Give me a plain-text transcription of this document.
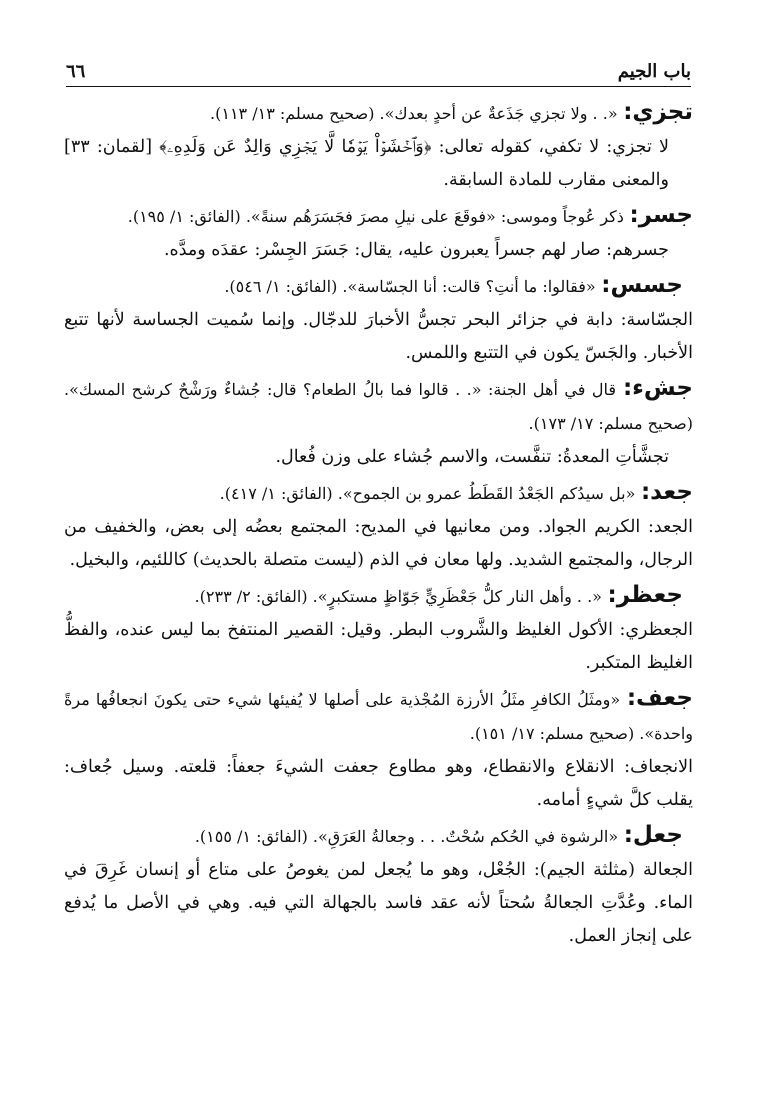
باب الجيم
٦٦

تجزي: «. . ولا تجزي جَذَعةٌ عن أحدٍ بعدك». (صحيح مسلم: ١٣/ ١١٣).

لا تجزي: لا تكفي، كقوله تعالى: ﴿وَٱخۡشَوۡاْ يَوۡمٗا لَّا يَجۡزِي وَالِدٌ عَن وَلَدِهِۦ﴾ [لقمان: ٣٣] والمعنى مقارب للمادة السابقة.

جسر: ذكر عُوجاً وموسى: «فوقَعَ على نيلِ مصرَ فجَسَرَهُم سنةً». (الفائق: ١/ ١٩٥).

جسرهم: صار لهم جسراً يعبرون عليه، يقال: جَسَرَ الجِسْر: عقدَه ومدَّه.

جسس: «فقالوا: ما أنتِ؟ قالت: أنا الجسّاسة». (الفائق: ١/ ٥٤٦).

الجسّاسة: دابة في جزائر البحر تجسُّ الأخبارَ للدجّال. وإنما سُميت الجساسة لأنها تتبع الأخبار. والجَسّ يكون في التتبع واللمس.

جشء: قال في أهل الجنة: «. . قالوا فما بالُ الطعام؟ قال: جُشاءٌ ورَشْحٌ كرشح المسك». (صحيح مسلم: ١٧/ ١٧٣).

تجشَّأتِ المعدةُ: تنفَّست، والاسم جُشاء على وزن فُعال.

جعد: «بل سيدُكم الجَعْدُ القَطَطُ عمرو بن الجموح». (الفائق: ١/ ٤١٧).

الجعد: الكريم الجواد. ومن معانيها في المديح: المجتمع بعضُه إلى بعض، والخفيف من الرجال، والمجتمع الشديد. ولها معان في الذم (ليست متصلة بالحديث) كاللئيم، والبخيل.

جعظر: «. . وأهل النار كلُّ جَعْظَرِيٍّ جَوّاظٍ مستكبرٍ». (الفائق: ٢/ ٢٣٣).

الجعظري: الأكول الغليظ والشَّروب البطر. وقيل: القصير المنتفخ بما ليس عنده، والفظُّ الغليظ المتكبر.

جعف: «ومثَلُ الكافرِ مثَلُ الأرزة المُجْذية على أصلها لا يُفيئها شيء حتى يكونَ انجعافُها مرةً واحدة». (صحيح مسلم: ١٧/ ١٥١).

الانجعاف: الانقلاع والانقطاع، وهو مطاوع جعفت الشيءَ جعفاً: قلعته. وسيل جُعاف: يقلب كلَّ شيءٍ أمامه.

جعل: «الرشوة في الحُكم سُحْتٌ. . . وجعالةُ العَرَقِ». (الفائق: ١/ ١٥٥).

الجعالة (مثلثة الجيم): الجُعْل، وهو ما يُجعل لمن يغوصُ على متاع أو إنسان غَرِقَ في الماء. وعُدَّتِ الجعالةُ سُحتاً لأنه عقد فاسد بالجهالة التي فيه. وهي في الأصل ما يُدفع على إنجاز العمل.
